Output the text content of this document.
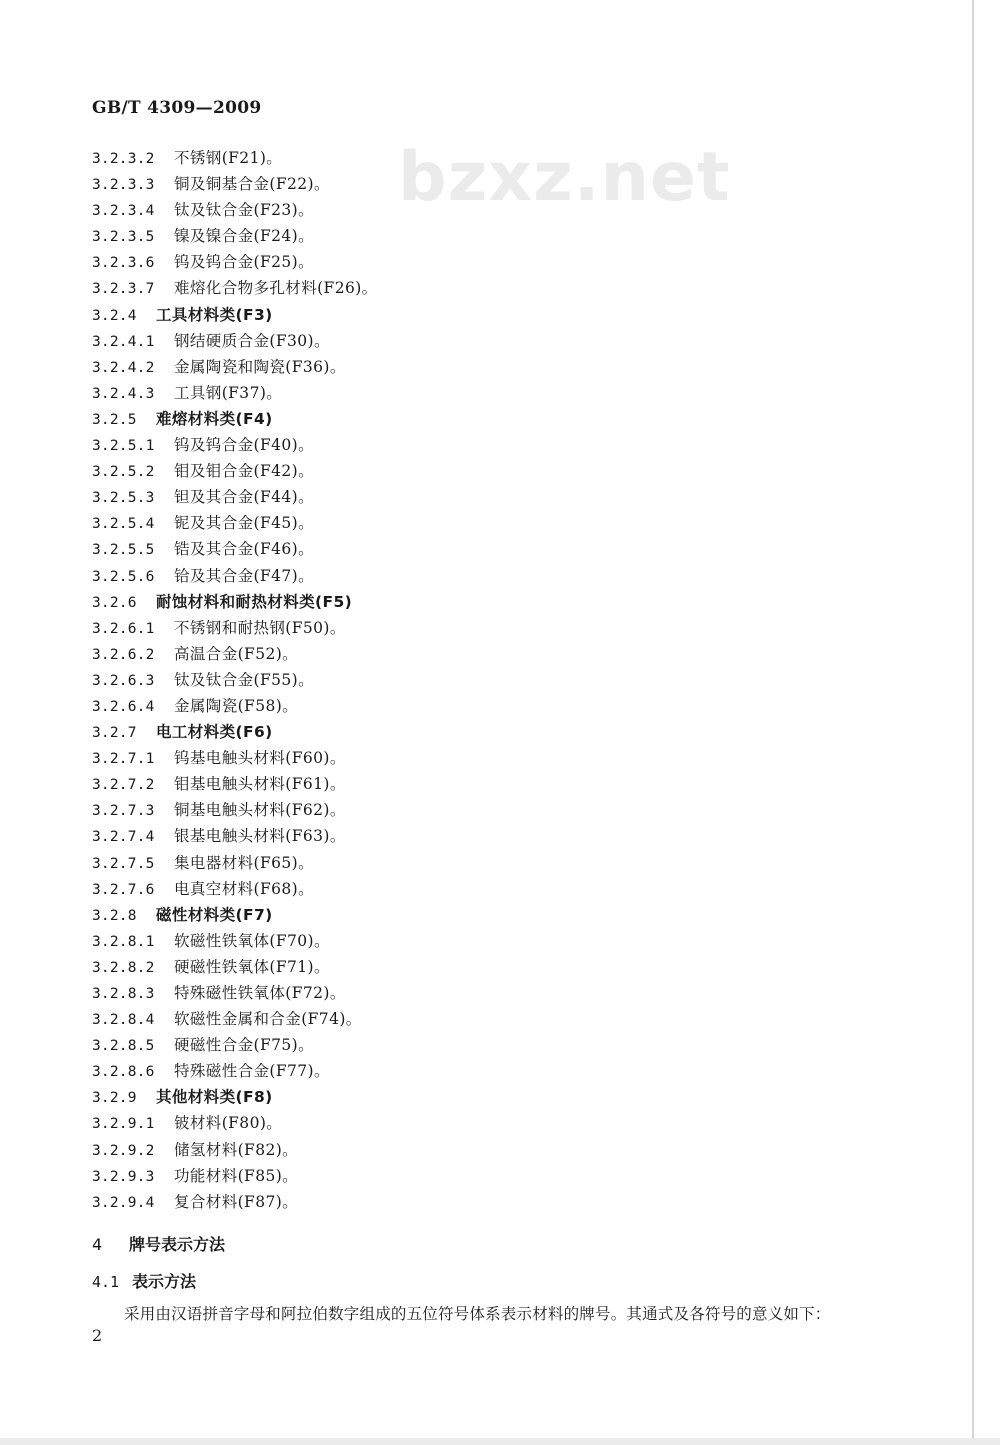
bzxz.net
GB/T 4309—2009
3.2.3.2 不锈钢(F21)。
3.2.3.3 铜及铜基合金(F22)。
3.2.3.4 钛及钛合金(F23)。
3.2.3.5 镍及镍合金(F24)。
3.2.3.6 钨及钨合金(F25)。
3.2.3.7 难熔化合物多孔材料(F26)。
3.2.4 工具材料类(F3)
3.2.4.1 钢结硬质合金(F30)。
3.2.4.2 金属陶瓷和陶瓷(F36)。
3.2.4.3 工具钢(F37)。
3.2.5 难熔材料类(F4)
3.2.5.1 钨及钨合金(F40)。
3.2.5.2 钼及钼合金(F42)。
3.2.5.3 钽及其合金(F44)。
3.2.5.4 铌及其合金(F45)。
3.2.5.5 锆及其合金(F46)。
3.2.5.6 铪及其合金(F47)。
3.2.6 耐蚀材料和耐热材料类(F5)
3.2.6.1 不锈钢和耐热钢(F50)。
3.2.6.2 高温合金(F52)。
3.2.6.3 钛及钛合金(F55)。
3.2.6.4 金属陶瓷(F58)。
3.2.7 电工材料类(F6)
3.2.7.1 钨基电触头材料(F60)。
3.2.7.2 钼基电触头材料(F61)。
3.2.7.3 铜基电触头材料(F62)。
3.2.7.4 银基电触头材料(F63)。
3.2.7.5 集电器材料(F65)。
3.2.7.6 电真空材料(F68)。
3.2.8 磁性材料类(F7)
3.2.8.1 软磁性铁氧体(F70)。
3.2.8.2 硬磁性铁氧体(F71)。
3.2.8.3 特殊磁性铁氧体(F72)。
3.2.8.4 软磁性金属和合金(F74)。
3.2.8.5 硬磁性合金(F75)。
3.2.8.6 特殊磁性合金(F77)。
3.2.9 其他材料类(F8)
3.2.9.1 铍材料(F80)。
3.2.9.2 储氢材料(F82)。
3.2.9.3 功能材料(F85)。
3.2.9.4 复合材料(F87)。
4 牌号表示方法
4.1 表示方法
采用由汉语拼音字母和阿拉伯数字组成的五位符号体系表示材料的牌号。其通式及各符号的意义如下：
2
